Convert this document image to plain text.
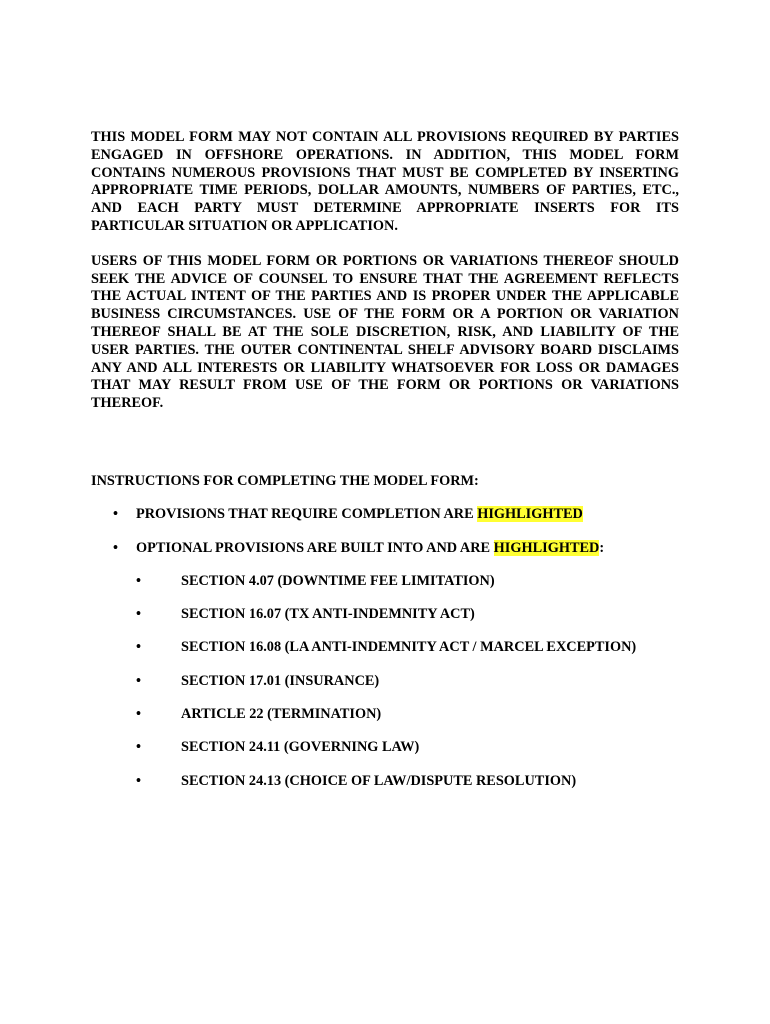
THIS MODEL FORM MAY NOT CONTAIN ALL PROVISIONS REQUIRED BY PARTIES ENGAGED IN OFFSHORE OPERATIONS. IN ADDITION, THIS MODEL FORM CONTAINS NUMEROUS PROVISIONS THAT MUST BE COMPLETED BY INSERTING APPROPRIATE TIME PERIODS, DOLLAR AMOUNTS, NUMBERS OF PARTIES, ETC., AND EACH PARTY MUST DETERMINE APPROPRIATE INSERTS FOR ITS PARTICULAR SITUATION OR APPLICATION.

USERS OF THIS MODEL FORM OR PORTIONS OR VARIATIONS THEREOF SHOULD SEEK THE ADVICE OF COUNSEL TO ENSURE THAT THE AGREEMENT REFLECTS THE ACTUAL INTENT OF THE PARTIES AND IS PROPER UNDER THE APPLICABLE BUSINESS CIRCUMSTANCES. USE OF THE FORM OR A PORTION OR VARIATION THEREOF SHALL BE AT THE SOLE DISCRETION, RISK, AND LIABILITY OF THE USER PARTIES. THE OUTER CONTINENTAL SHELF ADVISORY BOARD DISCLAIMS ANY AND ALL INTERESTS OR LIABILITY WHATSOEVER FOR LOSS OR DAMAGES THAT MAY RESULT FROM USE OF THE FORM OR PORTIONS OR VARIATIONS THEREOF.

INSTRUCTIONS FOR COMPLETING THE MODEL FORM:

• PROVISIONS THAT REQUIRE COMPLETION ARE HIGHLIGHTED
• OPTIONAL PROVISIONS ARE BUILT INTO AND ARE HIGHLIGHTED:
•	SECTION 4.07 (DOWNTIME FEE LIMITATION)
•	SECTION 16.07 (TX ANTI-INDEMNITY ACT)
•	SECTION 16.08 (LA ANTI-INDEMNITY ACT / MARCEL EXCEPTION)
•	SECTION 17.01 (INSURANCE)
•	ARTICLE 22 (TERMINATION)
•	SECTION 24.11 (GOVERNING LAW)
•	SECTION 24.13 (CHOICE OF LAW/DISPUTE RESOLUTION)
